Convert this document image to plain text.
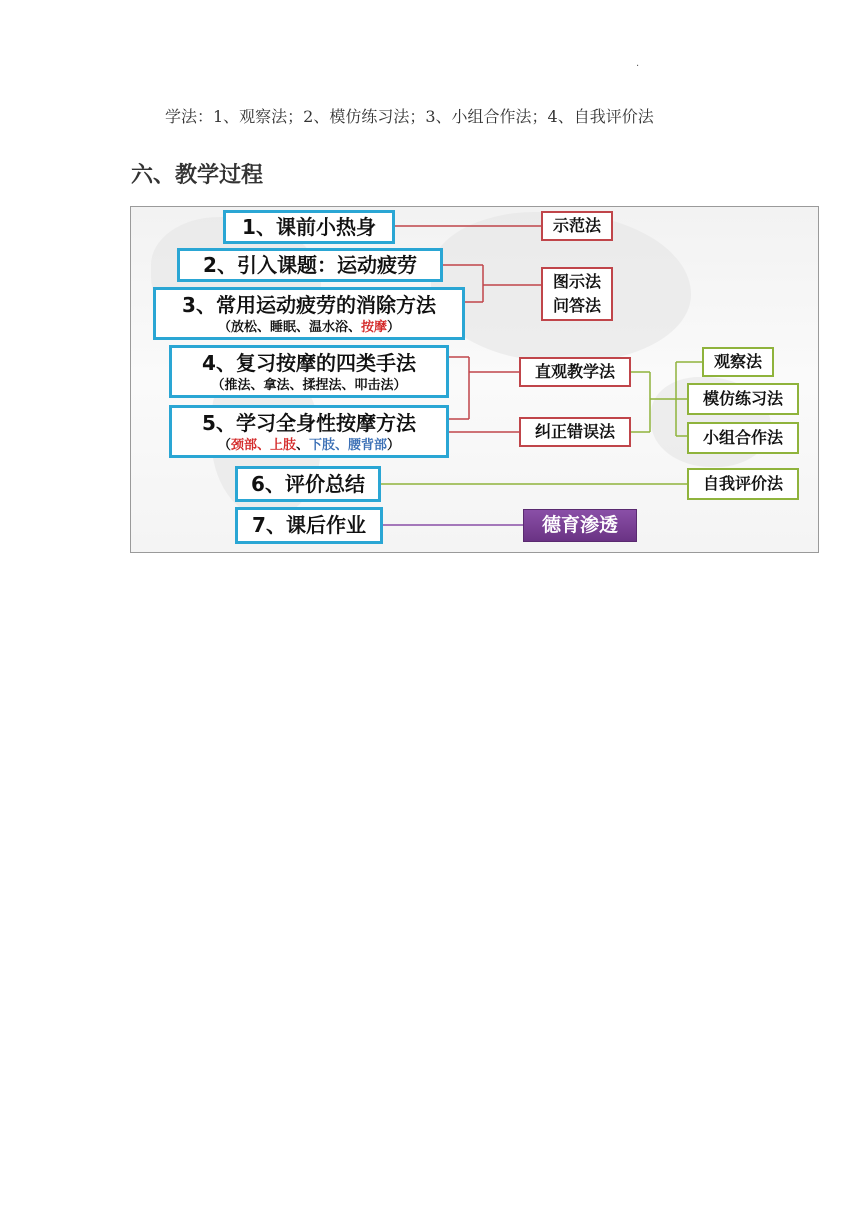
.
学法：1、观察法；2、模仿练习法；3、小组合作法；4、自我评价法
六、教学过程
1、课前小热身
2、引入课题：运动疲劳
3、常用运动疲劳的消除方法
（放松、睡眠、温水浴、按摩）
4、复习按摩的四类手法
（推法、拿法、揉捏法、叩击法）
5、学习全身性按摩方法
（颈部、上肢、下肢、腰背部）
6、评价总结
7、课后作业
示范法
图示法
问答法
直观教学法
纠正错误法
观察法
模仿练习法
小组合作法
自我评价法
德育渗透
